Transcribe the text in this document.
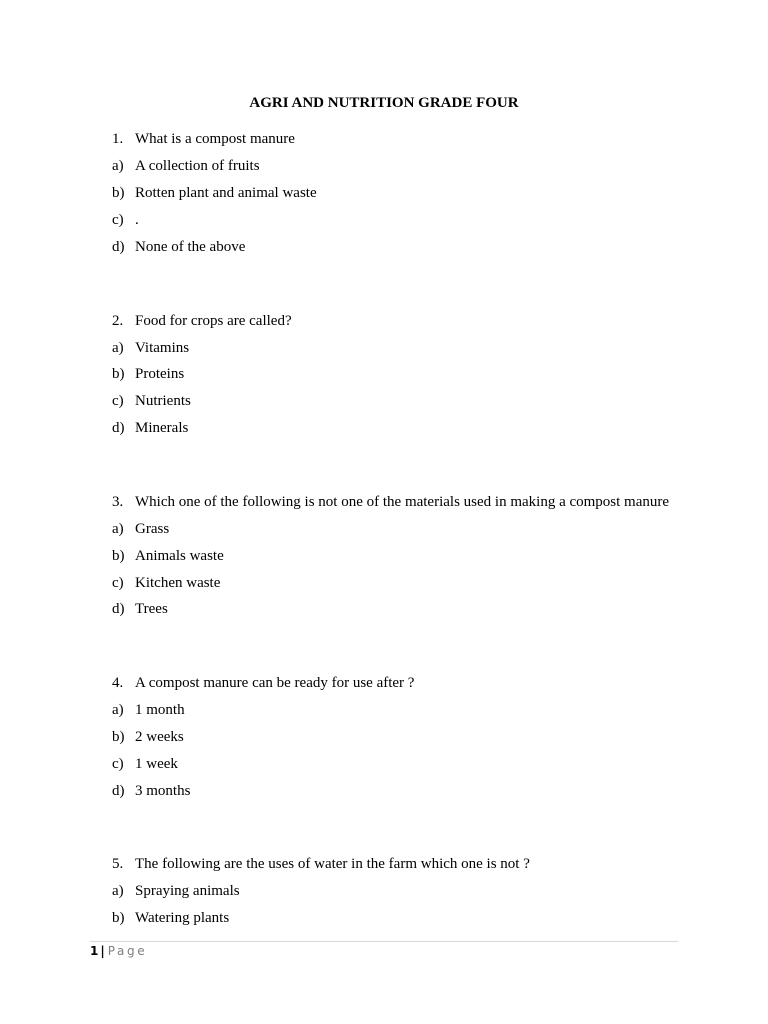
AGRI AND NUTRITION GRADE FOUR
1. What is a compost manure
a) A collection of fruits
b) Rotten plant and animal waste
c) .
d) None of the above
2. Food for crops are called?
a) Vitamins
b) Proteins
c) Nutrients
d) Minerals
3. Which one of the following is not one of the materials used in making a compost manure
a) Grass
b) Animals waste
c) Kitchen waste
d) Trees
4. A compost manure can be ready for use after ?
a) 1 month
b) 2 weeks
c) 1 week
d) 3 months
5. The following are the uses of water in the farm which one is not ?
a) Spraying animals
b) Watering plants
1 | Page
